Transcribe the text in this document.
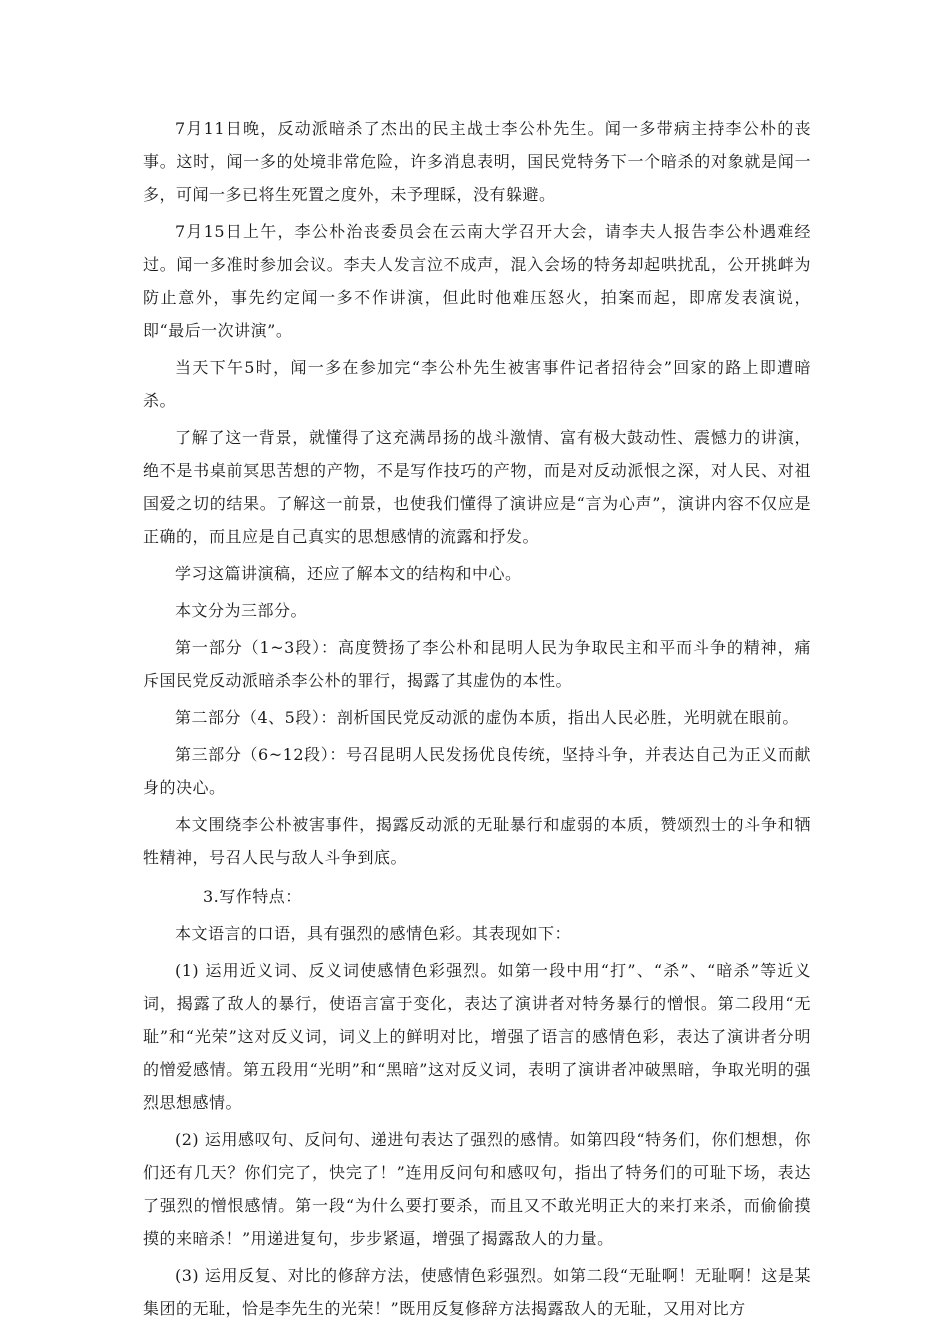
7月11日晚，反动派暗杀了杰出的民主战士李公朴先生。闻一多带病主持李公朴的丧事。这时，闻一多的处境非常危险，许多消息表明，国民党特务下一个暗杀的对象就是闻一多，可闻一多已将生死置之度外，未予理睬，没有躲避。

7月15日上午，李公朴治丧委员会在云南大学召开大会，请李夫人报告李公朴遇难经过。闻一多准时参加会议。李夫人发言泣不成声，混入会场的特务却起哄扰乱，公开挑衅为防止意外，事先约定闻一多不作讲演，但此时他难压怒火，拍案而起，即席发表演说，即“最后一次讲演”。

当天下午5时，闻一多在参加完“李公朴先生被害事件记者招待会”回家的路上即遭暗杀。

了解了这一背景，就懂得了这充满昂扬的战斗激情、富有极大鼓动性、震憾力的讲演，绝不是书桌前冥思苦想的产物，不是写作技巧的产物，而是对反动派恨之深，对人民、对祖国爱之切的结果。了解这一前景，也使我们懂得了演讲应是“言为心声”，演讲内容不仅应是正确的，而且应是自己真实的思想感情的流露和抒发。

学习这篇讲演稿，还应了解本文的结构和中心。

本文分为三部分。

第一部分（1~3段）：高度赞扬了李公朴和昆明人民为争取民主和平而斗争的精神，痛斥国民党反动派暗杀李公朴的罪行，揭露了其虚伪的本性。

第二部分（4、5段）：剖析国民党反动派的虚伪本质，指出人民必胜，光明就在眼前。

第三部分（6~12段）：号召昆明人民发扬优良传统，坚持斗争，并表达自己为正义而献身的决心。

本文围绕李公朴被害事件，揭露反动派的无耻暴行和虚弱的本质，赞颂烈士的斗争和牺牲精神，号召人民与敌人斗争到底。

3.写作特点：

本文语言的口语，具有强烈的感情色彩。其表现如下：

(1) 运用近义词、反义词使感情色彩强烈。如第一段中用“打”、“杀”、“暗杀”等近义词，揭露了敌人的暴行，使语言富于变化，表达了演讲者对特务暴行的憎恨。第二段用“无耻”和“光荣”这对反义词，词义上的鲜明对比，增强了语言的感情色彩，表达了演讲者分明的憎爱感情。第五段用“光明”和“黑暗”这对反义词，表明了演讲者冲破黑暗，争取光明的强烈思想感情。

(2) 运用感叹句、反问句、递进句表达了强烈的感情。如第四段“特务们，你们想想，你们还有几天？你们完了，快完了！”连用反问句和感叹句，指出了特务们的可耻下场，表达了强烈的憎恨感情。第一段“为什么要打要杀，而且又不敢光明正大的来打来杀，而偷偷摸摸的来暗杀！”用递进复句，步步紧逼，增强了揭露敌人的力量。

(3) 运用反复、对比的修辞方法，使感情色彩强烈。如第二段“无耻啊！无耻啊！这是某集团的无耻，恰是李先生的光荣！”既用反复修辞方法揭露敌人的无耻，又用对比方
